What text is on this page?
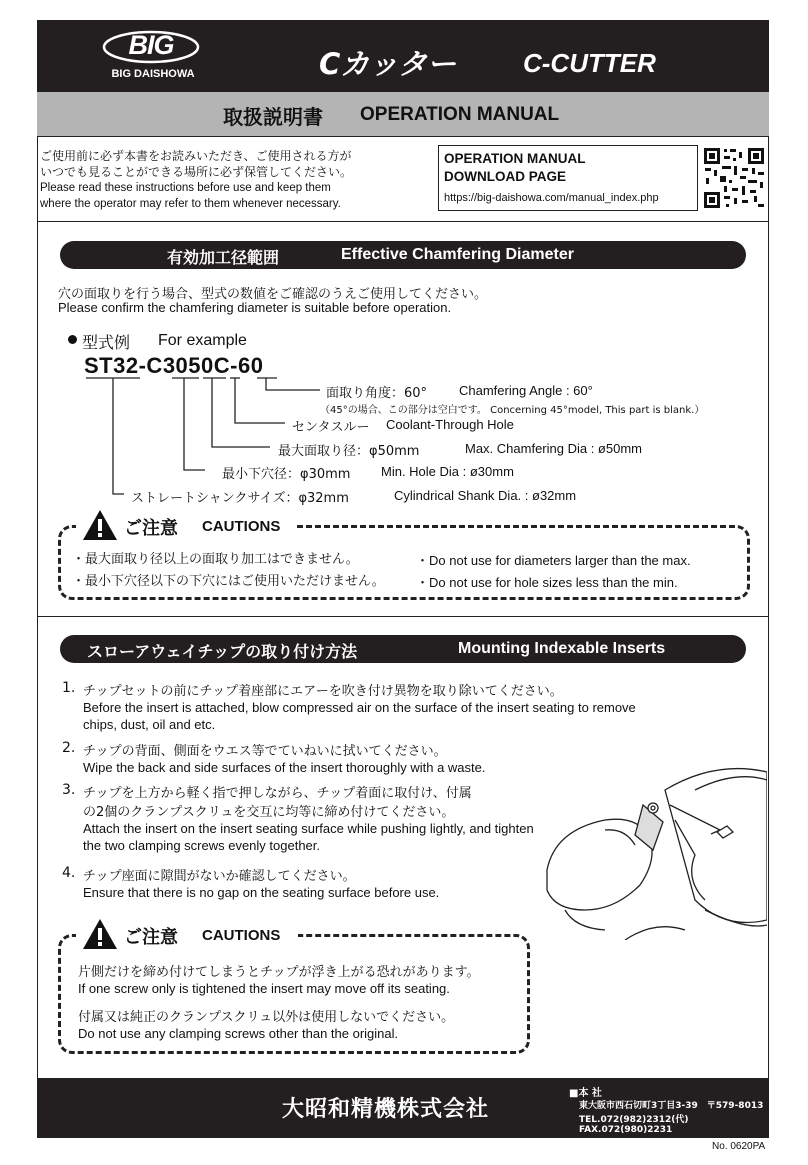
BIG
BIG DAISHOWA	Cカッター	C-CUTTER
取扱説明書 OPERATION MANUAL
ご使用前に必ず本書をお読みいただき、ご使用される方が
いつでも見ることができる場所に必ず保管してください。
Please read these instructions before use and keep them
where the operator may refer to them whenever necessary.
OPERATION MANUAL
DOWNLOAD PAGE
https://big-daishowa.com/manual_index.php
有効加工径範囲	Effective Chamfering Diameter
穴の面取りを行う場合、型式の数値をご確認のうえご使用してください。
Please confirm the chamfering diameter is suitable before operation.
型式例 For example
ST32-C3050C-60
面取り角度：60° Chamfering Angle : 60°
（45°の場合、この部分は空白です。 Concerning 45°model, This part is blank.）
センタスルー Coolant-Through Hole
最大面取り径：φ50mm	Max. Chamfering Dia : ø50mm
最小下穴径：φ30mm Min. Hole Dia : ø30mm
ストレートシャンクサイズ：φ32mm	Cylindrical Shank Dia. : ø32mm
ご注意 CAUTIONS
・最大面取り径以上の面取り加工はできません。
・最小下穴径以下の下穴にはご使用いただけません。
・Do not use for diameters larger than the max.
・Do not use for hole sizes less than the min.
スローアウェイチップの取り付け方法	Mounting Indexable Inserts
1. チップセットの前にチップ着座部にエアーを吹き付け異物を取り除いてください。
Before the insert is attached, blow compressed air on the surface of the insert seating to remove
chips, dust, oil and etc.
2. チップの背面、側面をウエス等でていねいに拭いてください。
Wipe the back and side surfaces of the insert thoroughly with a waste.
3. チップを上方から軽く指で押しながら、チップ着面に取付け、付属
の2個のクランプスクリュを交互に均等に締め付けてください。
Attach the insert on the insert seating surface while pushing lightly, and tighten
the two clamping screws evenly together.
4. チップ座面に隙間がないか確認してください。
Ensure that there is no gap on the seating surface before use.
ご注意 CAUTIONS
片側だけを締め付けてしまうとチップが浮き上がる恐れがあります。
If one screw only is tightened the insert may move off its seating.
付属又は純正のクランプスクリュ以外は使用しないでください。
Do not use any clamping screws other than the original.
大昭和精機株式会社
■本 社
東大阪市西石切町3丁目3-39　〒579-8013
TEL.072(982)2312(代)　FAX.072(980)2231
No. 0620PA
